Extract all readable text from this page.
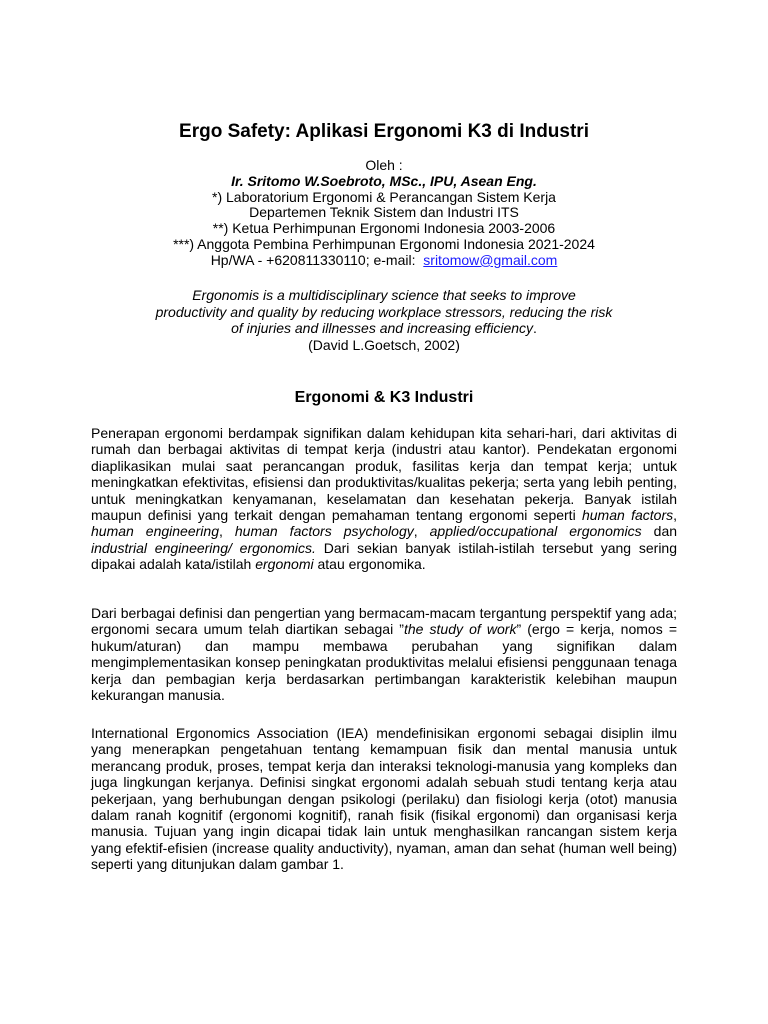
Ergo Safety: Aplikasi Ergonomi K3 di Industri
Oleh :
Ir. Sritomo W.Soebroto, MSc., IPU, Asean Eng.
*) Laboratorium Ergonomi & Perancangan Sistem Kerja
Departemen Teknik Sistem dan Industri ITS
**) Ketua Perhimpunan Ergonomi Indonesia 2003-2006
***) Anggota Pembina Perhimpunan Ergonomi Indonesia 2021-2024
Hp/WA - +620811330110; e-mail: sritomow@gmail.com
Ergonomis is a multidisciplinary science that seeks to improve
productivity and quality by reducing workplace stressors, reducing the risk
of injuries and illnesses and increasing efficiency.
(David L.Goetsch, 2002)
Ergonomi & K3 Industri

Penerapan ergonomi berdampak signifikan dalam kehidupan kita sehari-hari, dari aktivitas di rumah dan berbagai aktivitas di tempat kerja (industri atau kantor). Pendekatan ergonomi diaplikasikan mulai saat perancangan produk, fasilitas kerja dan tempat kerja; untuk meningkatkan efektivitas, efisiensi dan produktivitas/kualitas pekerja; serta yang lebih penting, untuk meningkatkan kenyamanan, keselamatan dan kesehatan pekerja. Banyak istilah maupun definisi yang terkait dengan pemahaman tentang ergonomi seperti human factors, human engineering, human factors psychology, applied/occupational ergonomics dan industrial engineering/ ergonomics. Dari sekian banyak istilah-istilah tersebut yang sering dipakai adalah kata/istilah ergonomi atau ergonomika.

Dari berbagai definisi dan pengertian yang bermacam-macam tergantung perspektif yang ada; ergonomi secara umum telah diartikan sebagai ”the study of work” (ergo = kerja, nomos = hukum/aturan) dan mampu membawa perubahan yang signifikan dalam mengimplementasikan konsep peningkatan produktivitas melalui efisiensi penggunaan tenaga kerja dan pembagian kerja berdasarkan pertimbangan karakteristik kelebihan maupun kekurangan manusia.

International Ergonomics Association (IEA) mendefinisikan ergonomi sebagai disiplin ilmu yang menerapkan pengetahuan tentang kemampuan fisik dan mental manusia untuk merancang produk, proses, tempat kerja dan interaksi teknologi-manusia yang kompleks dan juga lingkungan kerjanya. Definisi singkat ergonomi adalah sebuah studi tentang kerja atau pekerjaan, yang berhubungan dengan psikologi (perilaku) dan fisiologi kerja (otot) manusia dalam ranah kognitif (ergonomi kognitif), ranah fisik (fisikal ergonomi) dan organisasi kerja manusia. Tujuan yang ingin dicapai tidak lain untuk menghasilkan rancangan sistem kerja yang efektif-efisien (increase quality anductivity), nyaman, aman dan sehat (human well being) seperti yang ditunjukan dalam gambar 1.
